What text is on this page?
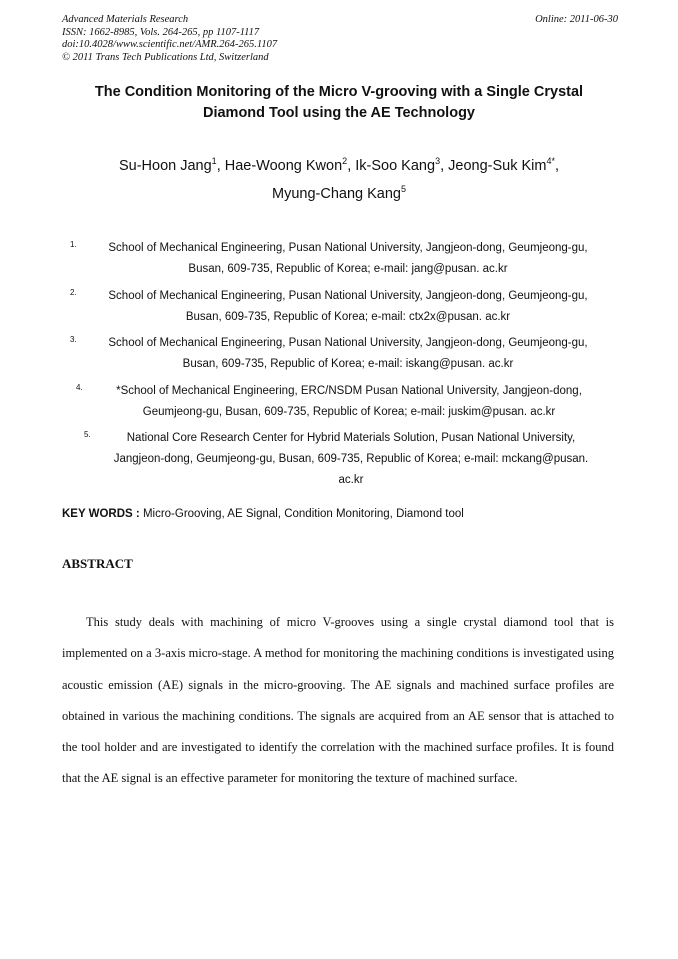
Advanced Materials Research
ISSN: 1662-8985, Vols. 264-265, pp 1107-1117
doi:10.4028/www.scientific.net/AMR.264-265.1107
© 2011 Trans Tech Publications Ltd, Switzerland
Online: 2011-06-30
The Condition Monitoring of the Micro V-grooving with a Single Crystal
Diamond Tool using the AE Technology
Su-Hoon Jang$^1$, Hae-Woong Kwon$^2$, Ik-Soo Kang$^3$, Jeong-Suk Kim$^{4*}$,
Myung-Chang Kang$^5$
1.	School of Mechanical Engineering, Pusan National University, Jangjeon-dong, Geumjeong-gu,
Busan, 609-735, Republic of Korea; e-mail: jang@pusan. ac.kr
2.	School of Mechanical Engineering, Pusan National University, Jangjeon-dong, Geumjeong-gu,
Busan, 609-735, Republic of Korea; e-mail: ctx2x@pusan. ac.kr
3.	School of Mechanical Engineering, Pusan National University, Jangjeon-dong, Geumjeong-gu,
Busan, 609-735, Republic of Korea; e-mail: iskang@pusan. ac.kr
4.	*School of Mechanical Engineering, ERC/NSDM Pusan National University, Jangjeon-dong,
Geumjeong-gu, Busan, 609-735, Republic of Korea; e-mail: juskim@pusan. ac.kr
5.	National Core Research Center for Hybrid Materials Solution, Pusan National University,
Jangjeon-dong, Geumjeong-gu, Busan, 609-735, Republic of Korea; e-mail: mckang@pusan.
ac.kr
KEY WORDS : Micro-Grooving, AE Signal, Condition Monitoring, Diamond tool
ABSTRACT

This study deals with machining of micro V-grooves using a single crystal diamond tool that is implemented on a 3-axis micro-stage. A method for monitoring the machining conditions is investigated using acoustic emission (AE) signals in the micro-grooving. The AE signals and machined surface profiles are obtained in various the machining conditions. The signals are acquired from an AE sensor that is attached to the tool holder and are investigated to identify the correlation with the machined surface profiles. It is found that the AE signal is an effective parameter for monitoring the texture of machined surface.
